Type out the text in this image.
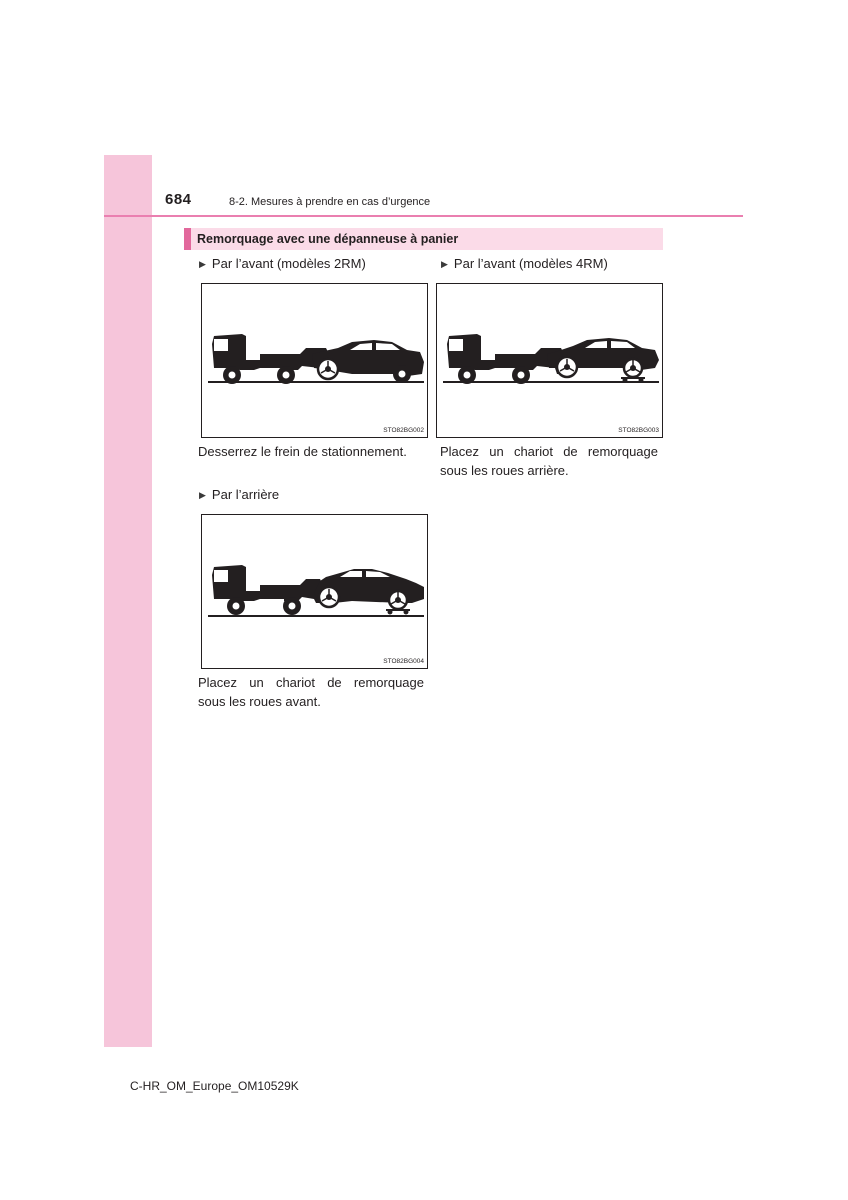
684	8-2. Mesures à prendre en cas d’urgence
Remorquage avec une dépanneuse à panier
▶ Par l’avant (modèles 2RM)
STO82BG002
Desserrez le frein de stationnement.
▶ Par l’avant (modèles 4RM)
STO82BG003
Placez un chariot de remorquage
sous les roues arrière.
▶ Par l’arrière
STO82BG004
Placez un chariot de remorquage
sous les roues avant.
C-HR_OM_Europe_OM10529K
